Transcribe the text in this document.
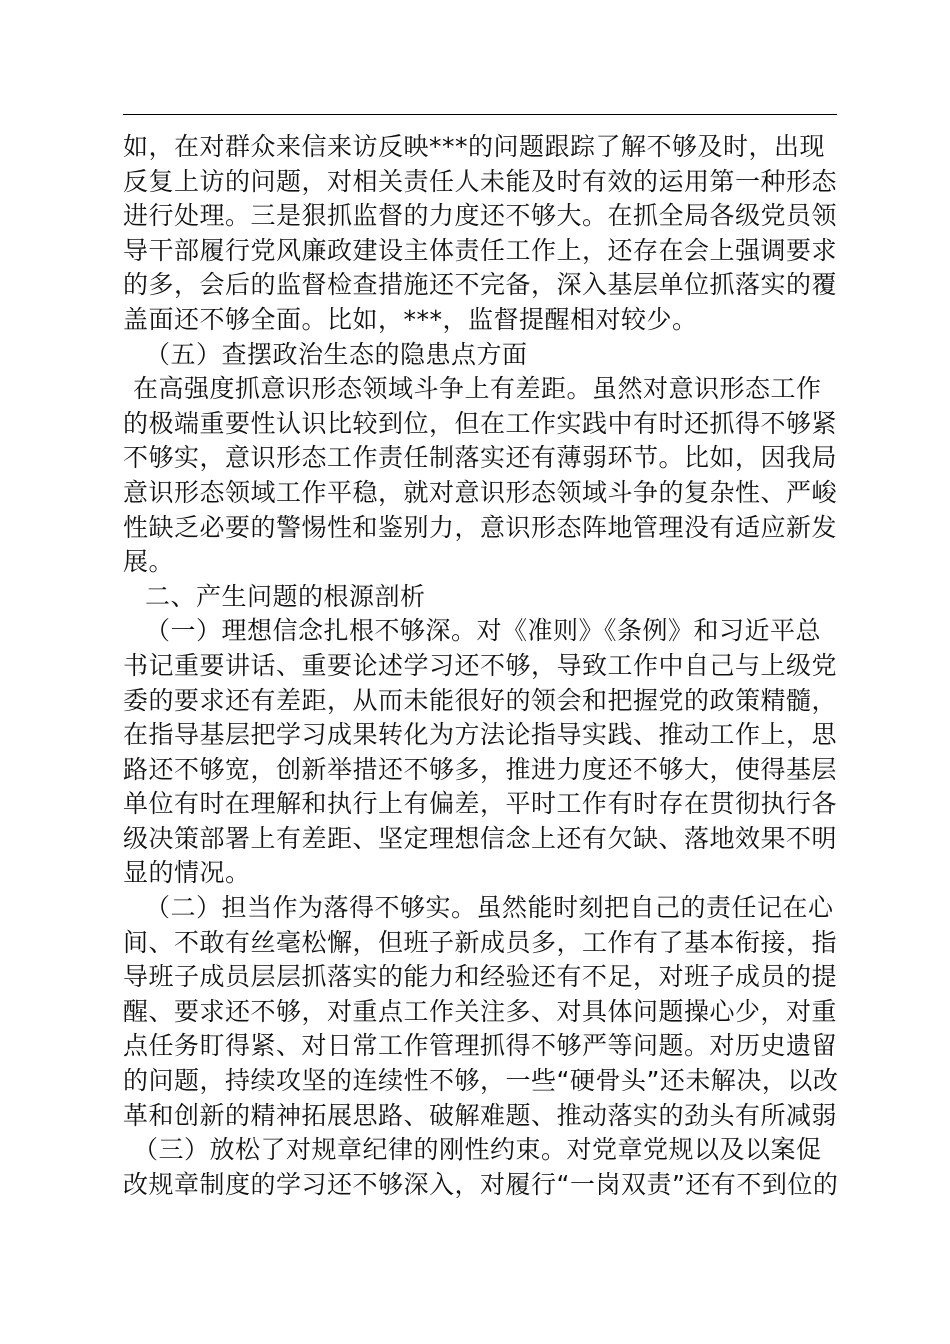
如，在对群众来信来访反映***的问题跟踪了解不够及时，出现
反复上访的问题，对相关责任人未能及时有效的运用第一种形态
进行处理。三是狠抓监督的力度还不够大。在抓全局各级党员领
导干部履行党风廉政建设主体责任工作上，还存在会上强调要求
的多，会后的监督检查措施还不完备，深入基层单位抓落实的覆
盖面还不够全面。比如，***，监督提醒相对较少。
（五）查摆政治生态的隐患点方面
在高强度抓意识形态领域斗争上有差距。虽然对意识形态工作
的极端重要性认识比较到位，但在工作实践中有时还抓得不够紧
不够实，意识形态工作责任制落实还有薄弱环节。比如，因我局
意识形态领域工作平稳，就对意识形态领域斗争的复杂性、严峻
性缺乏必要的警惕性和鉴别力，意识形态阵地管理没有适应新发
展。
二、产生问题的根源剖析
（一）理想信念扎根不够深。对《准则》《条例》和习近平总
书记重要讲话、重要论述学习还不够，导致工作中自己与上级党
委的要求还有差距，从而未能很好的领会和把握党的政策精髓，
在指导基层把学习成果转化为方法论指导实践、推动工作上，思
路还不够宽，创新举措还不够多，推进力度还不够大，使得基层
单位有时在理解和执行上有偏差，平时工作有时存在贯彻执行各
级决策部署上有差距、坚定理想信念上还有欠缺、落地效果不明
显的情况。
（二）担当作为落得不够实。虽然能时刻把自己的责任记在心
间、不敢有丝毫松懈，但班子新成员多，工作有了基本衔接，指
导班子成员层层抓落实的能力和经验还有不足，对班子成员的提
醒、要求还不够，对重点工作关注多、对具体问题操心少，对重
点任务盯得紧、对日常工作管理抓得不够严等问题。对历史遗留
的问题，持续攻坚的连续性不够，一些“硬骨头”还未解决，以改
革和创新的精神拓展思路、破解难题、推动落实的劲头有所减弱
（三）放松了对规章纪律的刚性约束。对党章党规以及以案促
改规章制度的学习还不够深入，对履行“一岗双责”还有不到位的
